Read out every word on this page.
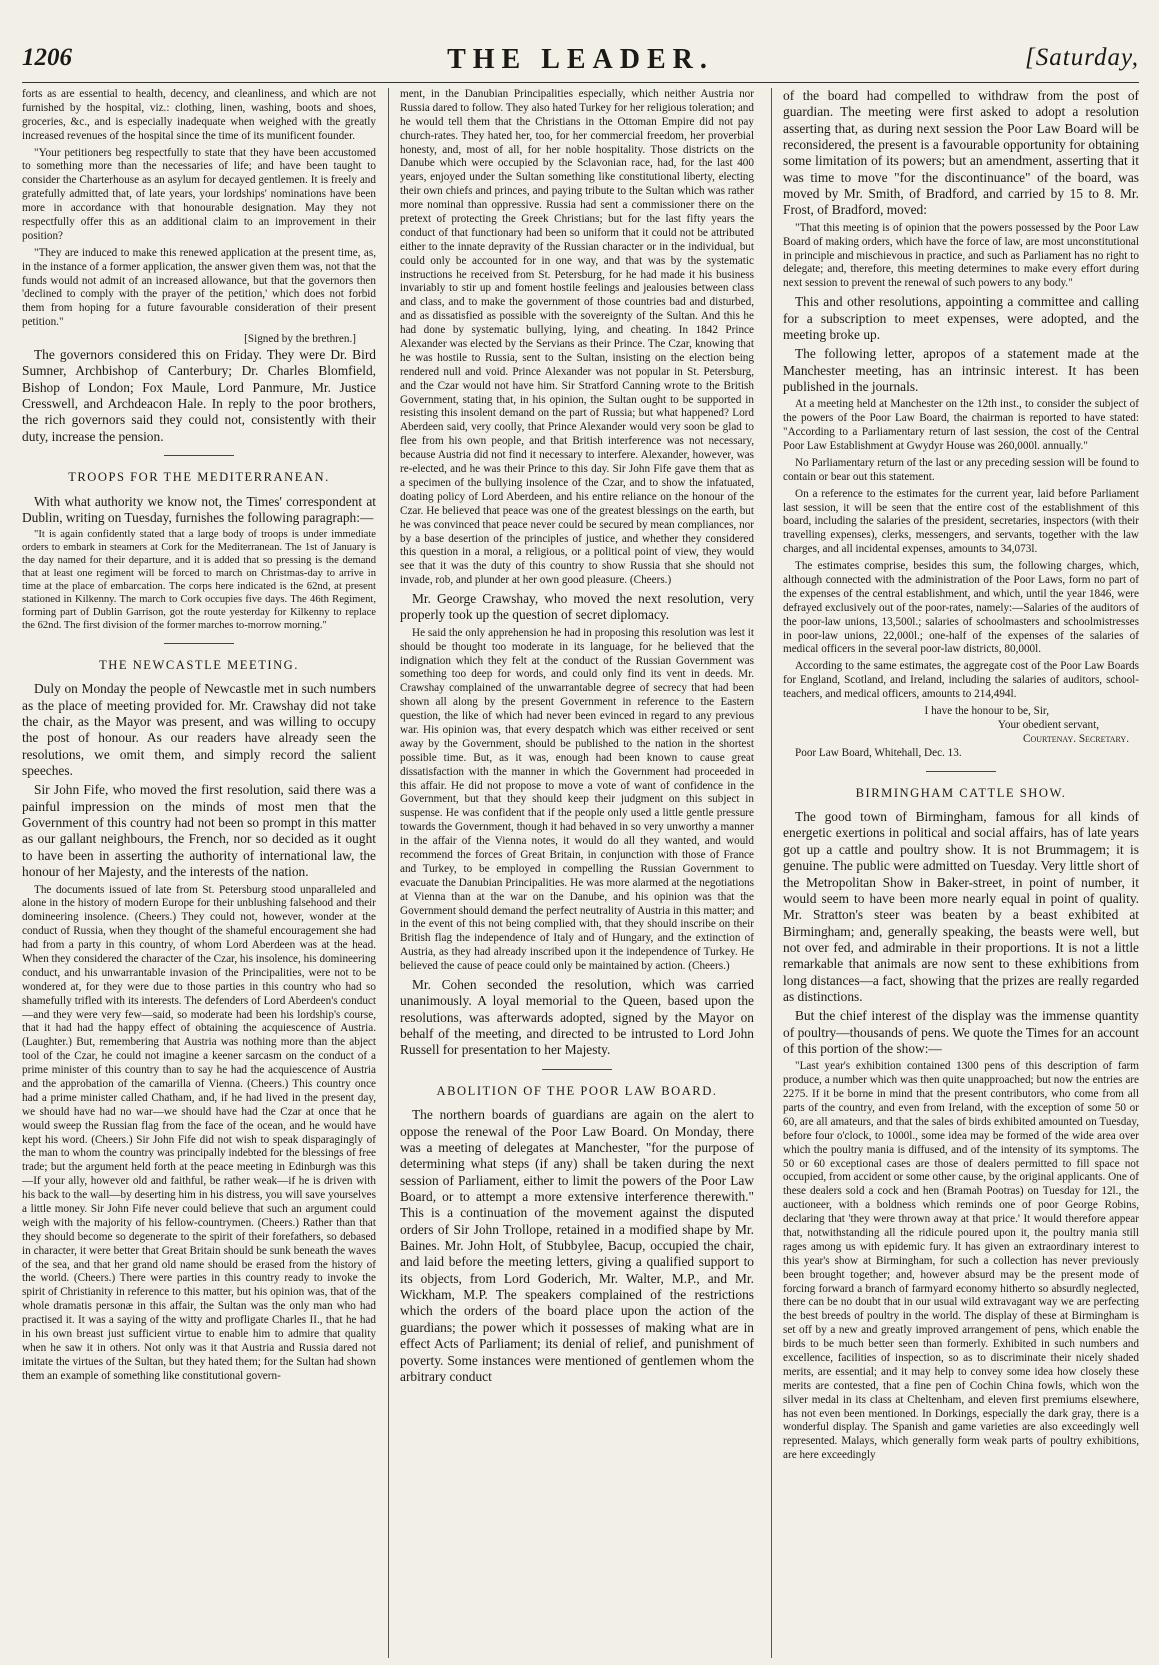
1206	THE LEADER.	[Saturday,

forts as are essential to health, decency, and cleanliness, and which are not furnished by the hospital, viz.: clothing, linen, washing, boots and shoes, groceries, &c., and is especially inadequate when weighed with the greatly increased revenues of the hospital since the time of its munificent founder.

"Your petitioners beg respectfully to state that they have been accustomed to something more than the necessaries of life; and have been taught to consider the Charterhouse as an asylum for decayed gentlemen. It is freely and gratefully admitted that, of late years, your lordships' nominations have been more in accordance with that honourable designation. May they not respectfully offer this as an additional claim to an improvement in their position?

"They are induced to make this renewed application at the present time, as, in the instance of a former application, the answer given them was, not that the funds would not admit of an increased allowance, but that the governors then 'declined to comply with the prayer of the petition,' which does not forbid them from hoping for a future favourable consideration of their present petition."

[Signed by the brethren.]

The governors considered this on Friday. They were Dr. Bird Sumner, Archbishop of Canterbury; Dr. Charles Blomfield, Bishop of London; Fox Maule, Lord Panmure, Mr. Justice Cresswell, and Archdeacon Hale. In reply to the poor brothers, the rich governors said they could not, consistently with their duty, increase the pension.

TROOPS FOR THE MEDITERRANEAN.

With what authority we know not, the Times' correspondent at Dublin, writing on Tuesday, furnishes the following paragraph:—

"It is again confidently stated that a large body of troops is under immediate orders to embark in steamers at Cork for the Mediterranean. The 1st of January is the day named for their departure, and it is added that so pressing is the demand that at least one regiment will be forced to march on Christmas-day to arrive in time at the place of embarcation. The corps here indicated is the 62nd, at present stationed in Kilkenny. The march to Cork occupies five days. The 46th Regiment, forming part of Dublin Garrison, got the route yesterday for Kilkenny to replace the 62nd. The first division of the former marches to-morrow morning."

THE NEWCASTLE MEETING.

Duly on Monday the people of Newcastle met in such numbers as the place of meeting provided for. Mr. Crawshay did not take the chair, as the Mayor was present, and was willing to occupy the post of honour. As our readers have already seen the resolutions, we omit them, and simply record the salient speeches.

Sir John Fife, who moved the first resolution, said there was a painful impression on the minds of most men that the Government of this country had not been so prompt in this matter as our gallant neighbours, the French, nor so decided as it ought to have been in asserting the authority of international law, the honour of her Majesty, and the interests of the nation.

The documents issued of late from St. Petersburg stood unparalleled and alone in the history of modern Europe for their unblushing falsehood and their domineering insolence. (Cheers.) They could not, however, wonder at the conduct of Russia, when they thought of the shameful encouragement she had had from a party in this country, of whom Lord Aberdeen was at the head. When they considered the character of the Czar, his insolence, his domineering conduct, and his unwarrantable invasion of the Principalities, were not to be wondered at, for they were due to those parties in this country who had so shamefully trifled with its interests. The defenders of Lord Aberdeen's conduct—and they were very few—said, so moderate had been his lordship's course, that it had had the happy effect of obtaining the acquiescence of Austria. (Laughter.) But, remembering that Austria was nothing more than the abject tool of the Czar, he could not imagine a keener sarcasm on the conduct of a prime minister of this country than to say he had the acquiescence of Austria and the approbation of the camarilla of Vienna. (Cheers.) This country once had a prime minister called Chatham, and, if he had lived in the present day, we should have had no war—we should have had the Czar at once that he would sweep the Russian flag from the face of the ocean, and he would have kept his word. (Cheers.) Sir John Fife did not wish to speak disparagingly of the man to whom the country was principally indebted for the blessings of free trade; but the argument held forth at the peace meeting in Edinburgh was this—If your ally, however old and faithful, be rather weak—if he is driven with his back to the wall—by deserting him in his distress, you will save yourselves a little money. Sir John Fife never could believe that such an argument could weigh with the majority of his fellow-countrymen. (Cheers.) Rather than that they should become so degenerate to the spirit of their forefathers, so debased in character, it were better that Great Britain should be sunk beneath the waves of the sea, and that her grand old name should be erased from the history of the world. (Cheers.) There were parties in this country ready to invoke the spirit of Christianity in reference to this matter, but his opinion was, that of the whole dramatis personæ in this affair, the Sultan was the only man who had practised it. It was a saying of the witty and profligate Charles II., that he had in his own breast just sufficient virtue to enable him to admire that quality when he saw it in others. Not only was it that Austria and Russia dared not imitate the virtues of the Sultan, but they hated them; for the Sultan had shown them an example of something like constitutional govern-

ment, in the Danubian Principalities especially, which neither Austria nor Russia dared to follow. They also hated Turkey for her religious toleration; and he would tell them that the Christians in the Ottoman Empire did not pay church-rates. They hated her, too, for her commercial freedom, her proverbial honesty, and, most of all, for her noble hospitality. Those districts on the Danube which were occupied by the Sclavonian race, had, for the last 400 years, enjoyed under the Sultan something like constitutional liberty, electing their own chiefs and princes, and paying tribute to the Sultan which was rather more nominal than oppressive. Russia had sent a commissioner there on the pretext of protecting the Greek Christians; but for the last fifty years the conduct of that functionary had been so uniform that it could not be attributed either to the innate depravity of the Russian character or in the individual, but could only be accounted for in one way, and that was by the systematic instructions he received from St. Petersburg, for he had made it his business invariably to stir up and foment hostile feelings and jealousies between class and class, and to make the government of those countries bad and disturbed, and as dissatisfied as possible with the sovereignty of the Sultan. And this he had done by systematic bullying, lying, and cheating. In 1842 Prince Alexander was elected by the Servians as their Prince. The Czar, knowing that he was hostile to Russia, sent to the Sultan, insisting on the election being rendered null and void. Prince Alexander was not popular in St. Petersburg, and the Czar would not have him. Sir Stratford Canning wrote to the British Government, stating that, in his opinion, the Sultan ought to be supported in resisting this insolent demand on the part of Russia; but what happened? Lord Aberdeen said, very coolly, that Prince Alexander would very soon be glad to flee from his own people, and that British interference was not necessary, because Austria did not find it necessary to interfere. Alexander, however, was re-elected, and he was their Prince to this day. Sir John Fife gave them that as a specimen of the bullying insolence of the Czar, and to show the infatuated, doating policy of Lord Aberdeen, and his entire reliance on the honour of the Czar. He believed that peace was one of the greatest blessings on the earth, but he was convinced that peace never could be secured by mean compliances, nor by a base desertion of the principles of justice, and whether they considered this question in a moral, a religious, or a political point of view, they would see that it was the duty of this country to show Russia that she should not invade, rob, and plunder at her own good pleasure. (Cheers.)

Mr. George Crawshay, who moved the next resolution, very properly took up the question of secret diplomacy.

He said the only apprehension he had in proposing this resolution was lest it should be thought too moderate in its language, for he believed that the indignation which they felt at the conduct of the Russian Government was something too deep for words, and could only find its vent in deeds. Mr. Crawshay complained of the unwarrantable degree of secrecy that had been shown all along by the present Government in reference to the Eastern question, the like of which had never been evinced in regard to any previous war. His opinion was, that every despatch which was either received or sent away by the Government, should be published to the nation in the shortest possible time. But, as it was, enough had been known to cause great dissatisfaction with the manner in which the Government had proceeded in this affair. He did not propose to move a vote of want of confidence in the Government, but that they should keep their judgment on this subject in suspense. He was confident that if the people only used a little gentle pressure towards the Government, though it had behaved in so very unworthy a manner in the affair of the Vienna notes, it would do all they wanted, and would recommend the forces of Great Britain, in conjunction with those of France and Turkey, to be employed in compelling the Russian Government to evacuate the Danubian Principalities. He was more alarmed at the negotiations at Vienna than at the war on the Danube, and his opinion was that the Government should demand the perfect neutrality of Austria in this matter; and in the event of this not being complied with, that they should inscribe on their British flag the independence of Italy and of Hungary, and the extinction of Austria, as they had already inscribed upon it the independence of Turkey. He believed the cause of peace could only be maintained by action. (Cheers.)

Mr. Cohen seconded the resolution, which was carried unanimously. A loyal memorial to the Queen, based upon the resolutions, was afterwards adopted, signed by the Mayor on behalf of the meeting, and directed to be intrusted to Lord John Russell for presentation to her Majesty.

ABOLITION OF THE POOR LAW BOARD.

The northern boards of guardians are again on the alert to oppose the renewal of the Poor Law Board. On Monday, there was a meeting of delegates at Manchester, "for the purpose of determining what steps (if any) shall be taken during the next session of Parliament, either to limit the powers of the Poor Law Board, or to attempt a more extensive interference therewith." This is a continuation of the movement against the disputed orders of Sir John Trollope, retained in a modified shape by Mr. Baines. Mr. John Holt, of Stubbylee, Bacup, occupied the chair, and laid before the meeting letters, giving a qualified support to its objects, from Lord Goderich, Mr. Walter, M.P., and Mr. Wickham, M.P. The speakers complained of the restrictions which the orders of the board place upon the action of the guardians; the power which it possesses of making what are in effect Acts of Parliament; its denial of relief, and punishment of poverty. Some instances were mentioned of gentlemen whom the arbitrary conduct

of the board had compelled to withdraw from the post of guardian. The meeting were first asked to adopt a resolution asserting that, as during next session the Poor Law Board will be reconsidered, the present is a favourable opportunity for obtaining some limitation of its powers; but an amendment, asserting that it was time to move "for the discontinuance" of the board, was moved by Mr. Smith, of Bradford, and carried by 15 to 8. Mr. Frost, of Bradford, moved:

"That this meeting is of opinion that the powers possessed by the Poor Law Board of making orders, which have the force of law, are most unconstitutional in principle and mischievous in practice, and such as Parliament has no right to delegate; and, therefore, this meeting determines to make every effort during next session to prevent the renewal of such powers to any body."

This and other resolutions, appointing a committee and calling for a subscription to meet expenses, were adopted, and the meeting broke up.

The following letter, apropos of a statement made at the Manchester meeting, has an intrinsic interest. It has been published in the journals.

At a meeting held at Manchester on the 12th inst., to consider the subject of the powers of the Poor Law Board, the chairman is reported to have stated: "According to a Parliamentary return of last session, the cost of the Central Poor Law Establishment at Gwydyr House was 260,000l. annually."

No Parliamentary return of the last or any preceding session will be found to contain or bear out this statement.

On a reference to the estimates for the current year, laid before Parliament last session, it will be seen that the entire cost of the establishment of this board, including the salaries of the president, secretaries, inspectors (with their travelling expenses), clerks, messengers, and servants, together with the law charges, and all incidental expenses, amounts to 34,073l.

The estimates comprise, besides this sum, the following charges, which, although connected with the administration of the Poor Laws, form no part of the expenses of the central establishment, and which, until the year 1846, were defrayed exclusively out of the poor-rates, namely:—Salaries of the auditors of the poor-law unions, 13,500l.; salaries of schoolmasters and schoolmistresses in poor-law unions, 22,000l.; one-half of the expenses of the salaries of medical officers in the several poor-law districts, 80,000l.

According to the same estimates, the aggregate cost of the Poor Law Boards for England, Scotland, and Ireland, including the salaries of auditors, school-teachers, and medical officers, amounts to 214,494l.

I have the honour to be, Sir,

Your obedient servant,

Courtenay. Secretary.

Poor Law Board, Whitehall, Dec. 13.

BIRMINGHAM CATTLE SHOW.

The good town of Birmingham, famous for all kinds of energetic exertions in political and social affairs, has of late years got up a cattle and poultry show. It is not Brummagem; it is genuine. The public were admitted on Tuesday. Very little short of the Metropolitan Show in Baker-street, in point of number, it would seem to have been more nearly equal in point of quality. Mr. Stratton's steer was beaten by a beast exhibited at Birmingham; and, generally speaking, the beasts were well, but not over fed, and admirable in their proportions. It is not a little remarkable that animals are now sent to these exhibitions from long distances—a fact, showing that the prizes are really regarded as distinctions.

But the chief interest of the display was the immense quantity of poultry—thousands of pens. We quote the Times for an account of this portion of the show:—

"Last year's exhibition contained 1300 pens of this description of farm produce, a number which was then quite unapproached; but now the entries are 2275. If it be borne in mind that the present contributors, who come from all parts of the country, and even from Ireland, with the exception of some 50 or 60, are all amateurs, and that the sales of birds exhibited amounted on Tuesday, before four o'clock, to 1000l., some idea may be formed of the wide area over which the poultry mania is diffused, and of the intensity of its symptoms. The 50 or 60 exceptional cases are those of dealers permitted to fill space not occupied, from accident or some other cause, by the original applicants. One of these dealers sold a cock and hen (Bramah Pootras) on Tuesday for 12l., the auctioneer, with a boldness which reminds one of poor George Robins, declaring that 'they were thrown away at that price.' It would therefore appear that, notwithstanding all the ridicule poured upon it, the poultry mania still rages among us with epidemic fury. It has given an extraordinary interest to this year's show at Birmingham, for such a collection has never previously been brought together; and, however absurd may be the present mode of forcing forward a branch of farmyard economy hitherto so absurdly neglected, there can be no doubt that in our usual wild extravagant way we are perfecting the best breeds of poultry in the world. The display of these at Birmingham is set off by a new and greatly improved arrangement of pens, which enable the birds to be much better seen than formerly. Exhibited in such numbers and excellence, facilities of inspection, so as to discriminate their nicely shaded merits, are essential; and it may help to convey some idea how closely these merits are contested, that a fine pen of Cochin China fowls, which won the silver medal in its class at Cheltenham, and eleven first premiums elsewhere, has not even been mentioned. In Dorkings, especially the dark gray, there is a wonderful display. The Spanish and game varieties are also exceedingly well represented. Malays, which generally form weak parts of poultry exhibitions, are here exceedingly
